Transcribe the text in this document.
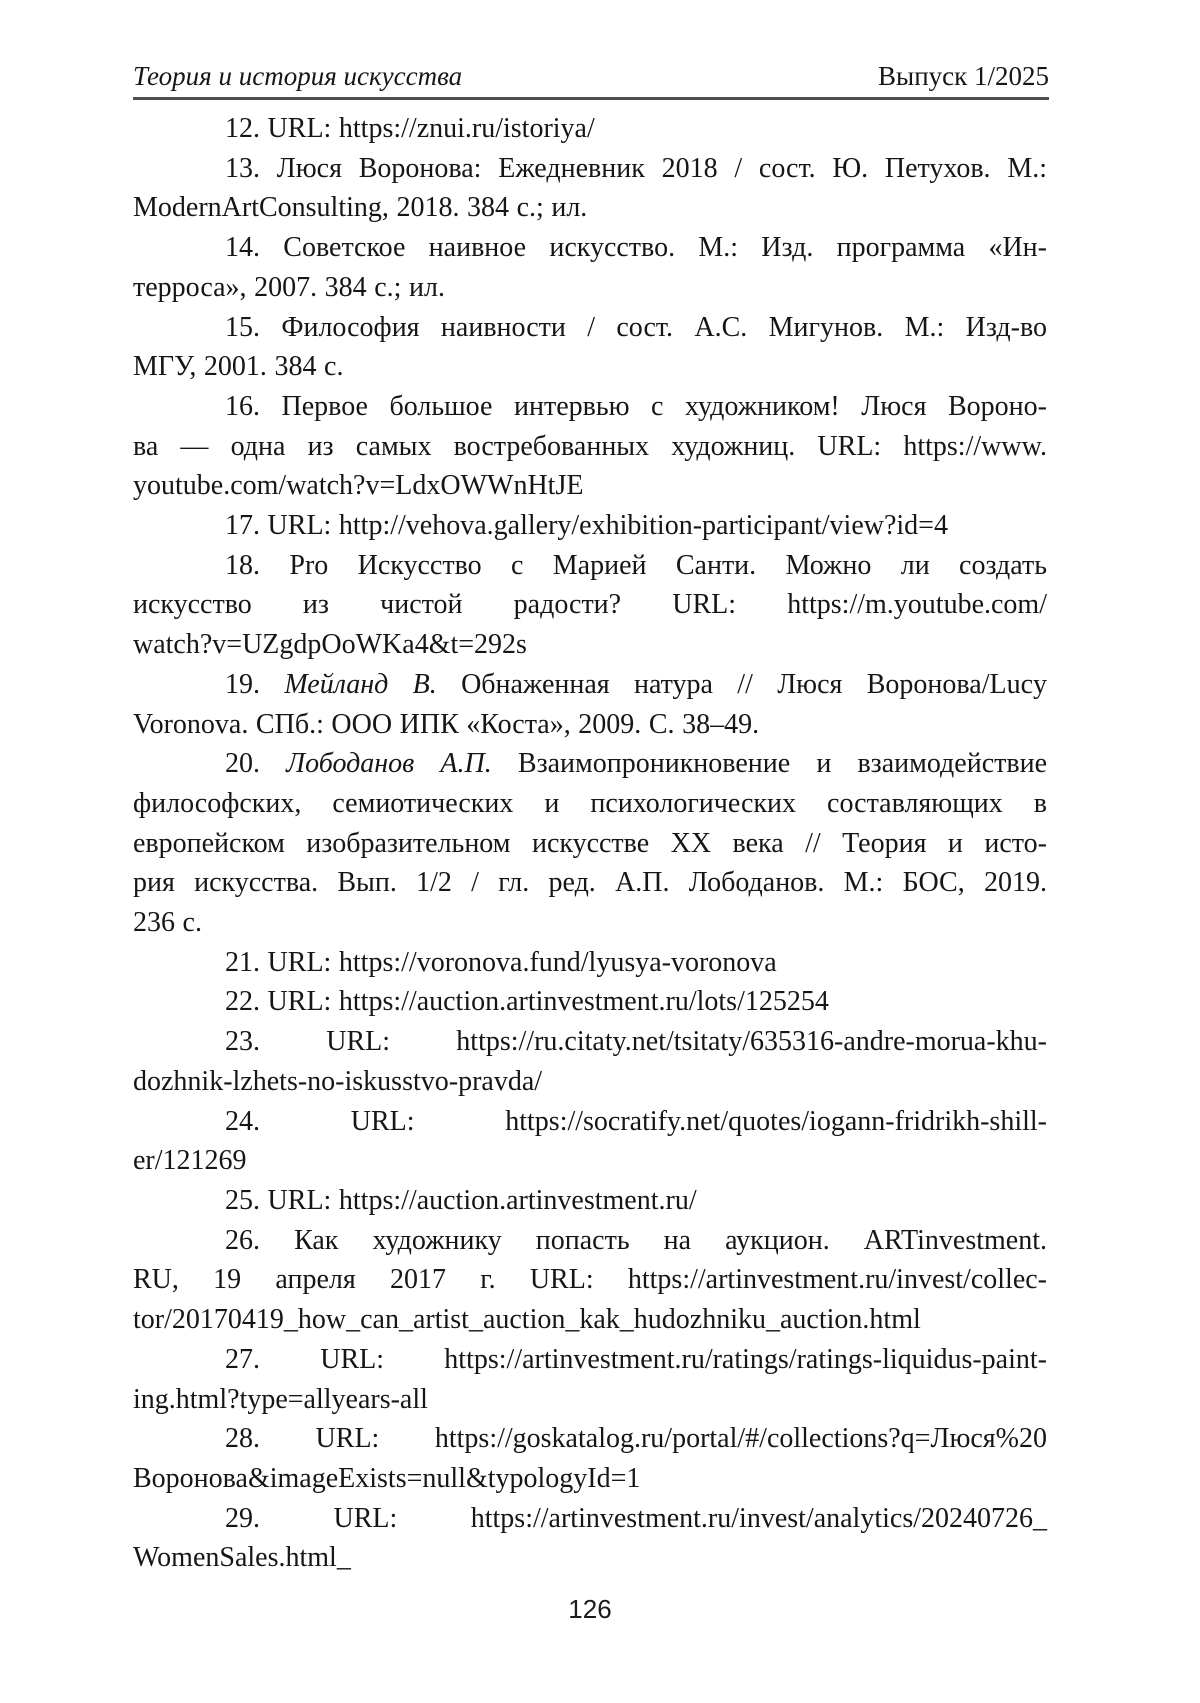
Теория и история искусства	Выпуск 1/2025
12. URL: https://znui.ru/istoriya/
13. Люся Воронова: Ежедневник 2018 / сост. Ю. Петухов. М.:
ModernArtConsulting, 2018. 384 с.; ил.
14. Советское наивное искусство. М.: Изд. программа «Ин-
терроса», 2007. 384 с.; ил.
15. Философия наивности / сост. А.С. Мигунов. М.: Изд-во
МГУ, 2001. 384 с.
16. Первое большое интервью с художником! Люся Вороно-
ва — одна из самых востребованных художниц. URL: https://www.
youtube.com/watch?v=LdxOWWnHtJE
17. URL: http://vehova.gallery/exhibition-participant/view?id=4
18. Pro Искусство с Марией Санти. Можно ли создать
искусство из чистой радости? URL: https://m.youtube.com/
watch?v=UZgdpOoWKa4&t=292s
19. Мейланд В. Обнаженная натура // Люся Воронова/Lucy
Voronova. СПб.: ООО ИПК «Коста», 2009. С. 38–49.
20. Лободанов А.П. Взаимопроникновение и взаимодействие
философских, семиотических и психологических составляющих в
европейском изобразительном искусстве XX века // Теория и исто-
рия искусства. Вып. 1/2 / гл. ред. А.П. Лободанов. М.: БОС, 2019.
236 с.
21. URL: https://voronova.fund/lyusya-voronova
22. URL: https://auction.artinvestment.ru/lots/125254
23. URL: https://ru.citaty.net/tsitaty/635316-andre-morua-khu-
dozhnik-lzhets-no-iskusstvo-pravda/
24. URL: https://socratify.net/quotes/iogann-fridrikh-shill-
er/121269
25. URL: https://auction.artinvestment.ru/
26. Как художнику попасть на аукцион. ARTinvestment.
RU, 19 апреля 2017 г. URL: https://artinvestment.ru/invest/collec-
tor/20170419_how_can_artist_auction_kak_hudozhniku_auction.html
27. URL: https://artinvestment.ru/ratings/ratings-liquidus-paint-
ing.html?type=allyears-all
28. URL: https://goskatalog.ru/portal/#/collections?q=Люся%20
Воронова&imageExists=null&typologyId=1
29. URL: https://artinvestment.ru/invest/analytics/20240726_
WomenSales.html_
126
